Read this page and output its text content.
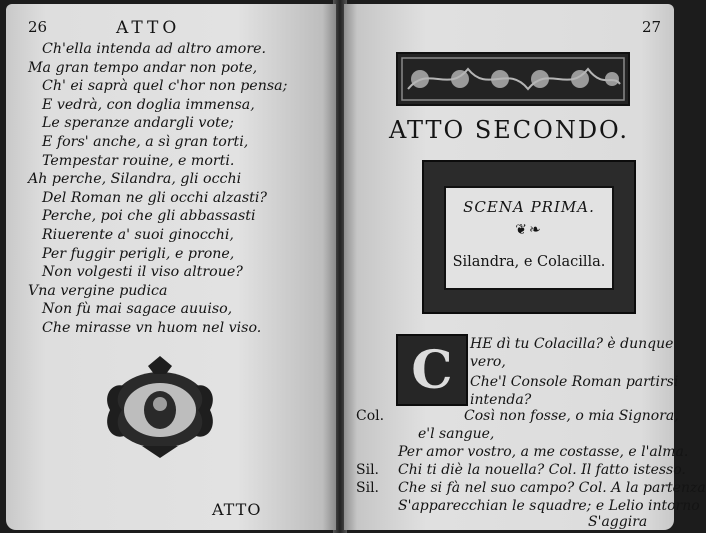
26	ATTO
Ch'ella intenda ad altro amore.
Ma gran tempo andar non pote,
Ch' ei saprà quel c'hor non pensa;
E vedrà, con doglia immensa,
Le speranze andargli vote;
E fors' anche, a sì gran torti,
Tempestar rouine, e morti.
Ah perche, Silandra, gli occhi
Del Roman ne gli occhi alzasti?
Perche, poi che gli abbassasti
Riuerente a' suoi ginocchi,
Per fuggir perigli, e prone,
Non volgesti il viso altroue?
Vna vergine pudica
Non fù mai sagace auuiso,
Che mirasse vn huom nel viso.
ATTO
27
ATTO SECONDO.
SCENA PRIMA.
❦❧
Silandra, e Colacilla.
C	HE dì tu Colacilla? è dunque
vero,
Che'l Console Roman partirsi
intenda?
Col.	Così non fosse, o mia Signora,
e'l sangue,
Per amor vostro, a me costasse, e l'alma.
Sil. Chi ti diè la nouella? Col. Il fatto istesso.
Sil. Che si fà nel suo campo? Col. A la partenza
S'apparecchian le squadre; e Lelio intorno
S'aggira
